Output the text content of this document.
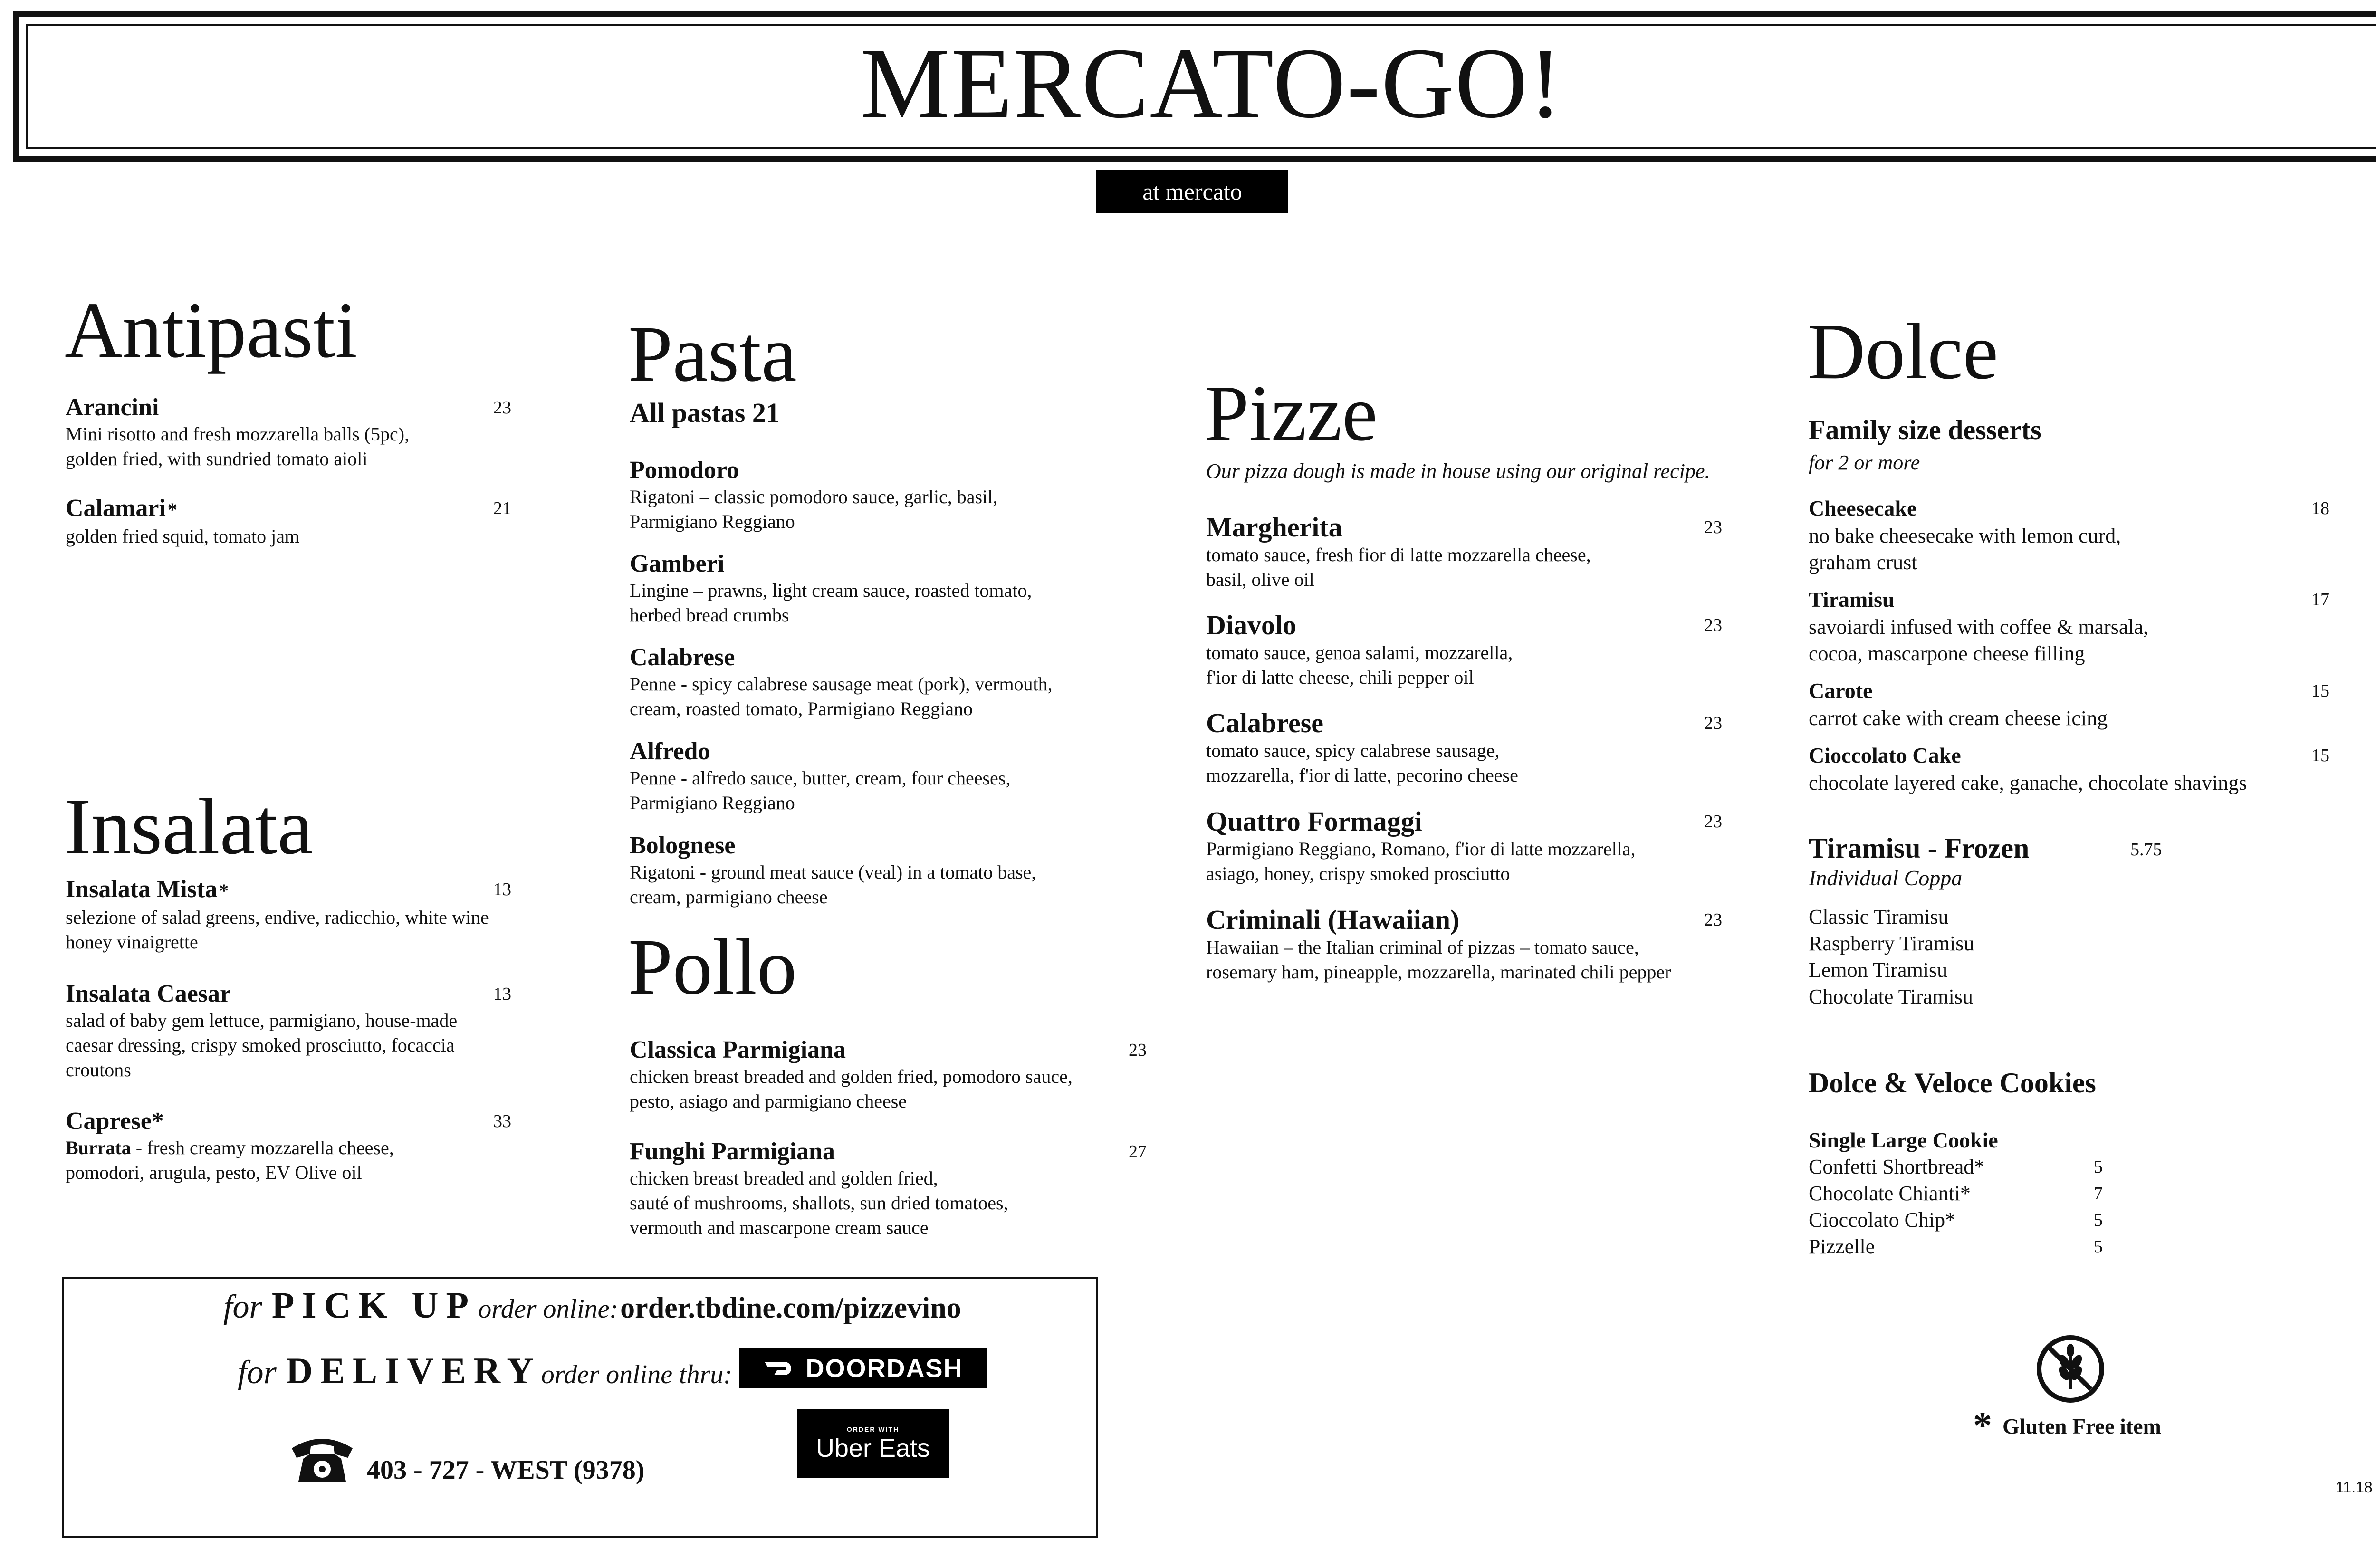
MERCATO-GO!
at mercato
Antipasti
Arancini	23
Mini risotto and fresh mozzarella balls (5pc),
golden fried, with sundried tomato aioli
Calamari *	21
golden fried squid, tomato jam
Insalata
Insalata Mista *	13
selezione of salad greens, endive, radicchio, white wine
honey vinaigrette
Insalata Caesar	13
salad of baby gem lettuce, parmigiano, house-made
caesar dressing, crispy smoked prosciutto, focaccia
croutons
Caprese*	33
Burrata - fresh creamy mozzarella cheese,
pomodori, arugula, pesto, EV Olive oil
Pasta
All pastas 21
Pomodoro
Rigatoni – classic pomodoro sauce, garlic, basil,
Parmigiano Reggiano
Gamberi
Lingine – prawns, light cream sauce, roasted tomato,
herbed bread crumbs
Calabrese
Penne - spicy calabrese sausage meat (pork), vermouth,
cream, roasted tomato, Parmigiano Reggiano
Alfredo
Penne - alfredo sauce, butter, cream, four cheeses,
Parmigiano Reggiano
Bolognese
Rigatoni - ground meat sauce (veal) in a tomato base,
cream, parmigiano cheese
Pollo
Classica Parmigiana	23
chicken breast breaded and golden fried, pomodoro sauce,
pesto, asiago and parmigiano cheese
Funghi Parmigiana	27
chicken breast breaded and golden fried,
sauté of mushrooms, shallots, sun dried tomatoes,
vermouth and mascarpone cream sauce
Pizze
Our pizza dough is made in house using our original recipe.
Margherita	23
tomato sauce, fresh fior di latte mozzarella cheese,
basil, olive oil
Diavolo	23
tomato sauce, genoa salami, mozzarella,
f'ior di latte cheese, chili pepper oil
Calabrese	23
tomato sauce, spicy calabrese sausage,
mozzarella, f'ior di latte, pecorino cheese
Quattro Formaggi	23
Parmigiano Reggiano, Romano, f'ior di latte mozzarella,
asiago, honey, crispy smoked prosciutto
Criminali (Hawaiian)	23
Hawaiian – the Italian criminal of pizzas – tomato sauce,
rosemary ham, pineapple, mozzarella, marinated chili pepper
Dolce
Family size desserts
for 2 or more
Cheesecake	18
no bake cheesecake with lemon curd,
graham crust
Tiramisu	17
savoiardi infused with coffee & marsala,
cocoa, mascarpone cheese filling
Carote	15
carrot cake with cream cheese icing
Cioccolato Cake	15
chocolate layered cake, ganache, chocolate shavings
Tiramisu - Frozen	5.75
Individual Coppa
Classic Tiramisu
Raspberry Tiramisu
Lemon Tiramisu
Chocolate Tiramisu
Dolce & Veloce Cookies
Single Large Cookie
Confetti Shortbread*	5
Chocolate Chianti*	7
Cioccolato Chip*	5
Pizzelle	5
* Gluten Free item
11.18
for PICK UP order online: order.tbdine.com/pizzevino
for DELIVERYorder online thru:	DOORDASH
ORDER WITH
Uber Eats
403 - 727 - WEST (9378)
